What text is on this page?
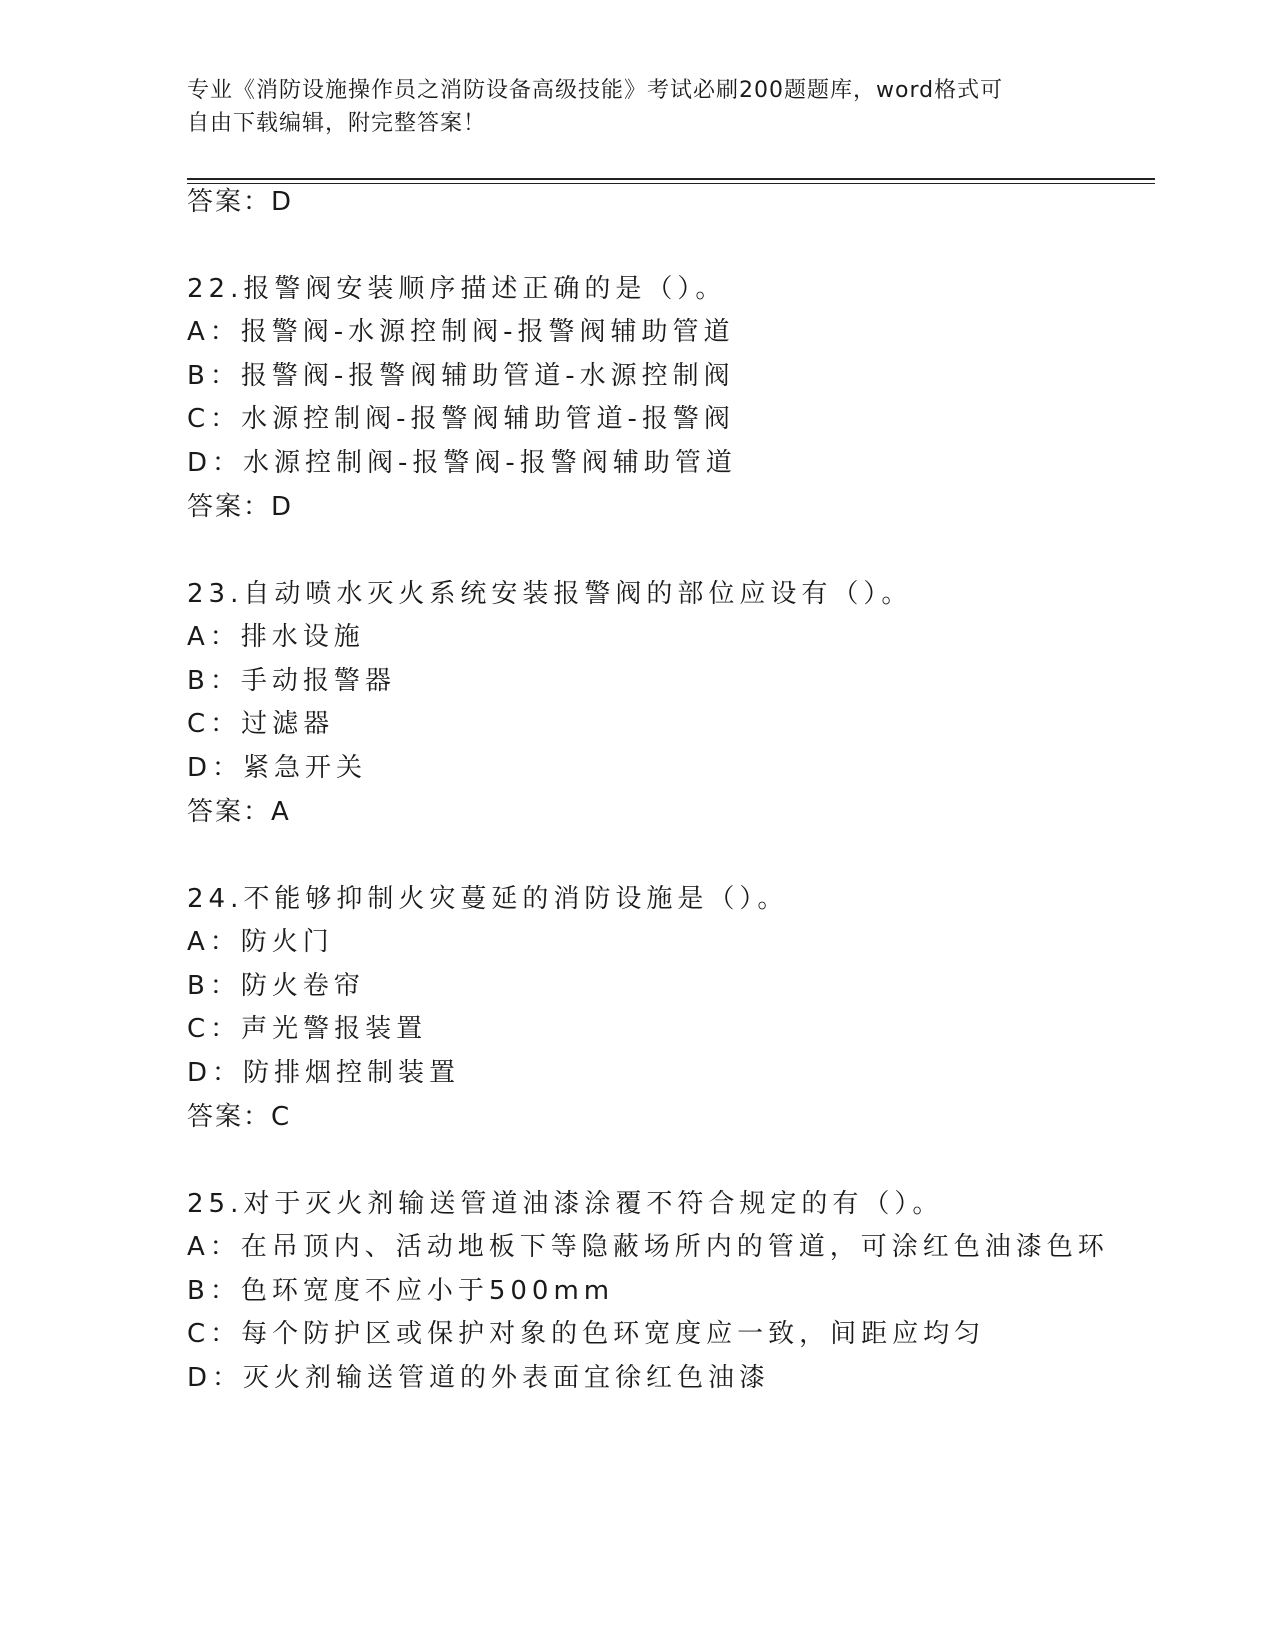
专业《消防设施操作员之消防设备高级技能》考试必刷200题题库，word格式可
自由下载编辑，附完整答案！
答案：D
22.报警阀安装顺序描述正确的是（）。
A：报警阀-水源控制阀-报警阀辅助管道
B：报警阀-报警阀辅助管道-水源控制阀
C：水源控制阀-报警阀辅助管道-报警阀
D：水源控制阀-报警阀-报警阀辅助管道
答案：D
23.自动喷水灭火系统安装报警阀的部位应设有（）。
A：排水设施
B：手动报警器
C：过滤器
D：紧急开关
答案：A
24.不能够抑制火灾蔓延的消防设施是（）。
A：防火门
B：防火卷帘
C：声光警报装置
D：防排烟控制装置
答案：C
25.对于灭火剂输送管道油漆涂覆不符合规定的有（）。
A：在吊顶内、活动地板下等隐蔽场所内的管道，可涂红色油漆色环
B：色环宽度不应小于500mm
C：每个防护区或保护对象的色环宽度应一致，间距应均匀
D：灭火剂输送管道的外表面宜徐红色油漆
